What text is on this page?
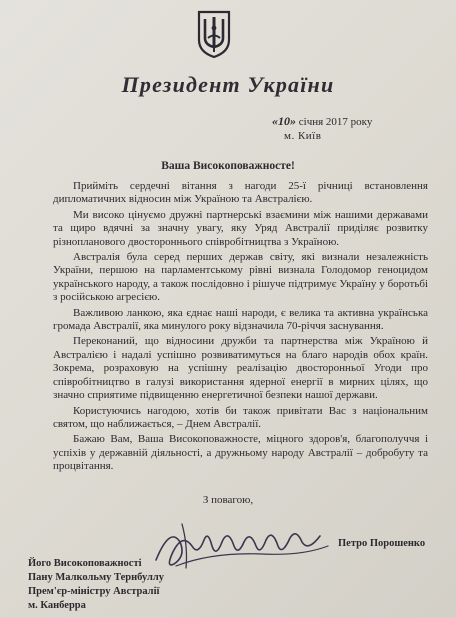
Президент України
«10» січня 2017 року
м. Київ
Ваша Високоповажносте!

Прийміть сердечні вітання з нагоди 25-ї річниці встановлення дипломатичних відносин між Україною та Австралією.

Ми високо цінуємо дружні партнерські взаємини між нашими державами та щиро вдячні за значну увагу, яку Уряд Австралії приділяє розвитку різнопланового двостороннього співробітництва з Україною.

Австралія була серед перших держав світу, які визнали незалежність України, першою на парламентському рівні визнала Голодомор геноцидом українського народу, а також послідовно і рішуче підтримує Україну у боротьбі з російською агресією.

Важливою ланкою, яка єднає наші народи, є велика та активна українська громада Австралії, яка минулого року відзначила 70-річчя заснування.

Переконаний, що відносини дружби та партнерства між Україною й Австралією і надалі успішно розвиватимуться на благо народів обох країн. Зокрема, розраховую на успішну реалізацію двосторонньої Угоди про співробітництво в галузі використання ядерної енергії в мирних цілях, що значно сприятиме підвищенню енергетичної безпеки нашої держави.

Користуючись нагодою, хотів би також привітати Вас з національним святом, що наближається, – Днем Австралії.

Бажаю Вам, Ваша Високоповажносте, міцного здоров'я, благополуччя і успіхів у державній діяльності, а дружньому народу Австралії – добробуту та процвітання.

З повагою,
Петро Порошенко
Його Високоповажності
Пану Малкольму Тернбуллу
Прем'єр-міністру Австралії
м. Канберра
